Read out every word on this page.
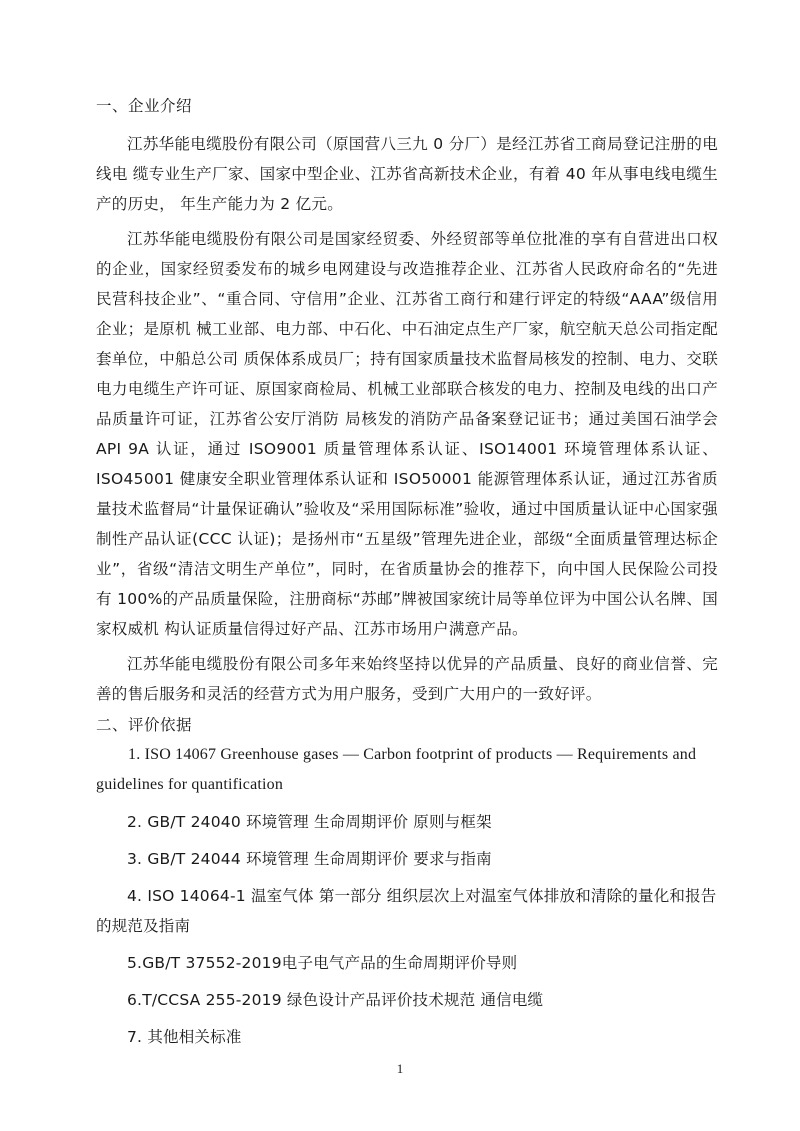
一、企业介绍

江苏华能电缆股份有限公司（原国营八三九 0 分厂）是经江苏省工商局登记注册的电线电 缆专业生产厂家、国家中型企业、江苏省高新技术企业，有着 40 年从事电线电缆生产的历史， 年生产能力为 2 亿元。

江苏华能电缆股份有限公司是国家经贸委、外经贸部等单位批准的享有自营进出口权的企业，国家经贸委发布的城乡电网建设与改造推荐企业、江苏省人民政府命名的“先进民营科技企业”、“重合同、守信用”企业、江苏省工商行和建行评定的特级“AAA”级信用企业；是原机 械工业部、电力部、中石化、中石油定点生产厂家，航空航天总公司指定配套单位，中船总公司 质保体系成员厂；持有国家质量技术监督局核发的控制、电力、交联电力电缆生产许可证、原国家商检局、机械工业部联合核发的电力、控制及电线的出口产品质量许可证，江苏省公安厅消防 局核发的消防产品备案登记证书；通过美国石油学会 API 9A 认证，通过 ISO9001 质量管理体系认证、ISO14001 环境管理体系认证、ISO45001 健康安全职业管理体系认证和 ISO50001 能源管理体系认证，通过江苏省质量技术监督局“计量保证确认”验收及“采用国际标准”验收，通过中国质量认证中心国家强制性产品认证(CCC 认证)；是扬州市“五星级”管理先进企业，部级“全面质量管理达标企业”，省级“清洁文明生产单位”，同时，在省质量协会的推荐下，向中国人民保险公司投有 100%的产品质量保险，注册商标“苏邮”牌被国家统计局等单位评为中国公认名牌、国家权威机 构认证质量信得过好产品、江苏市场用户满意产品。

江苏华能电缆股份有限公司多年来始终坚持以优异的产品质量、良好的商业信誉、完善的售后服务和灵活的经营方式为用户服务，受到广大用户的一致好评。

二、评价依据

1. ISO 14067 Greenhouse gases — Carbon footprint of products — Requirements and guidelines for quantification

2. GB/T 24040 环境管理 生命周期评价 原则与框架

3. GB/T 24044 环境管理 生命周期评价 要求与指南

4. ISO 14064-1 温室气体 第一部分 组织层次上对温室气体排放和清除的量化和报告的规范及指南

5.GB/T 37552-2019电子电气产品的生命周期评价导则

6.T/CCSA 255-2019 绿色设计产品评价技术规范 通信电缆

7. 其他相关标准

1
